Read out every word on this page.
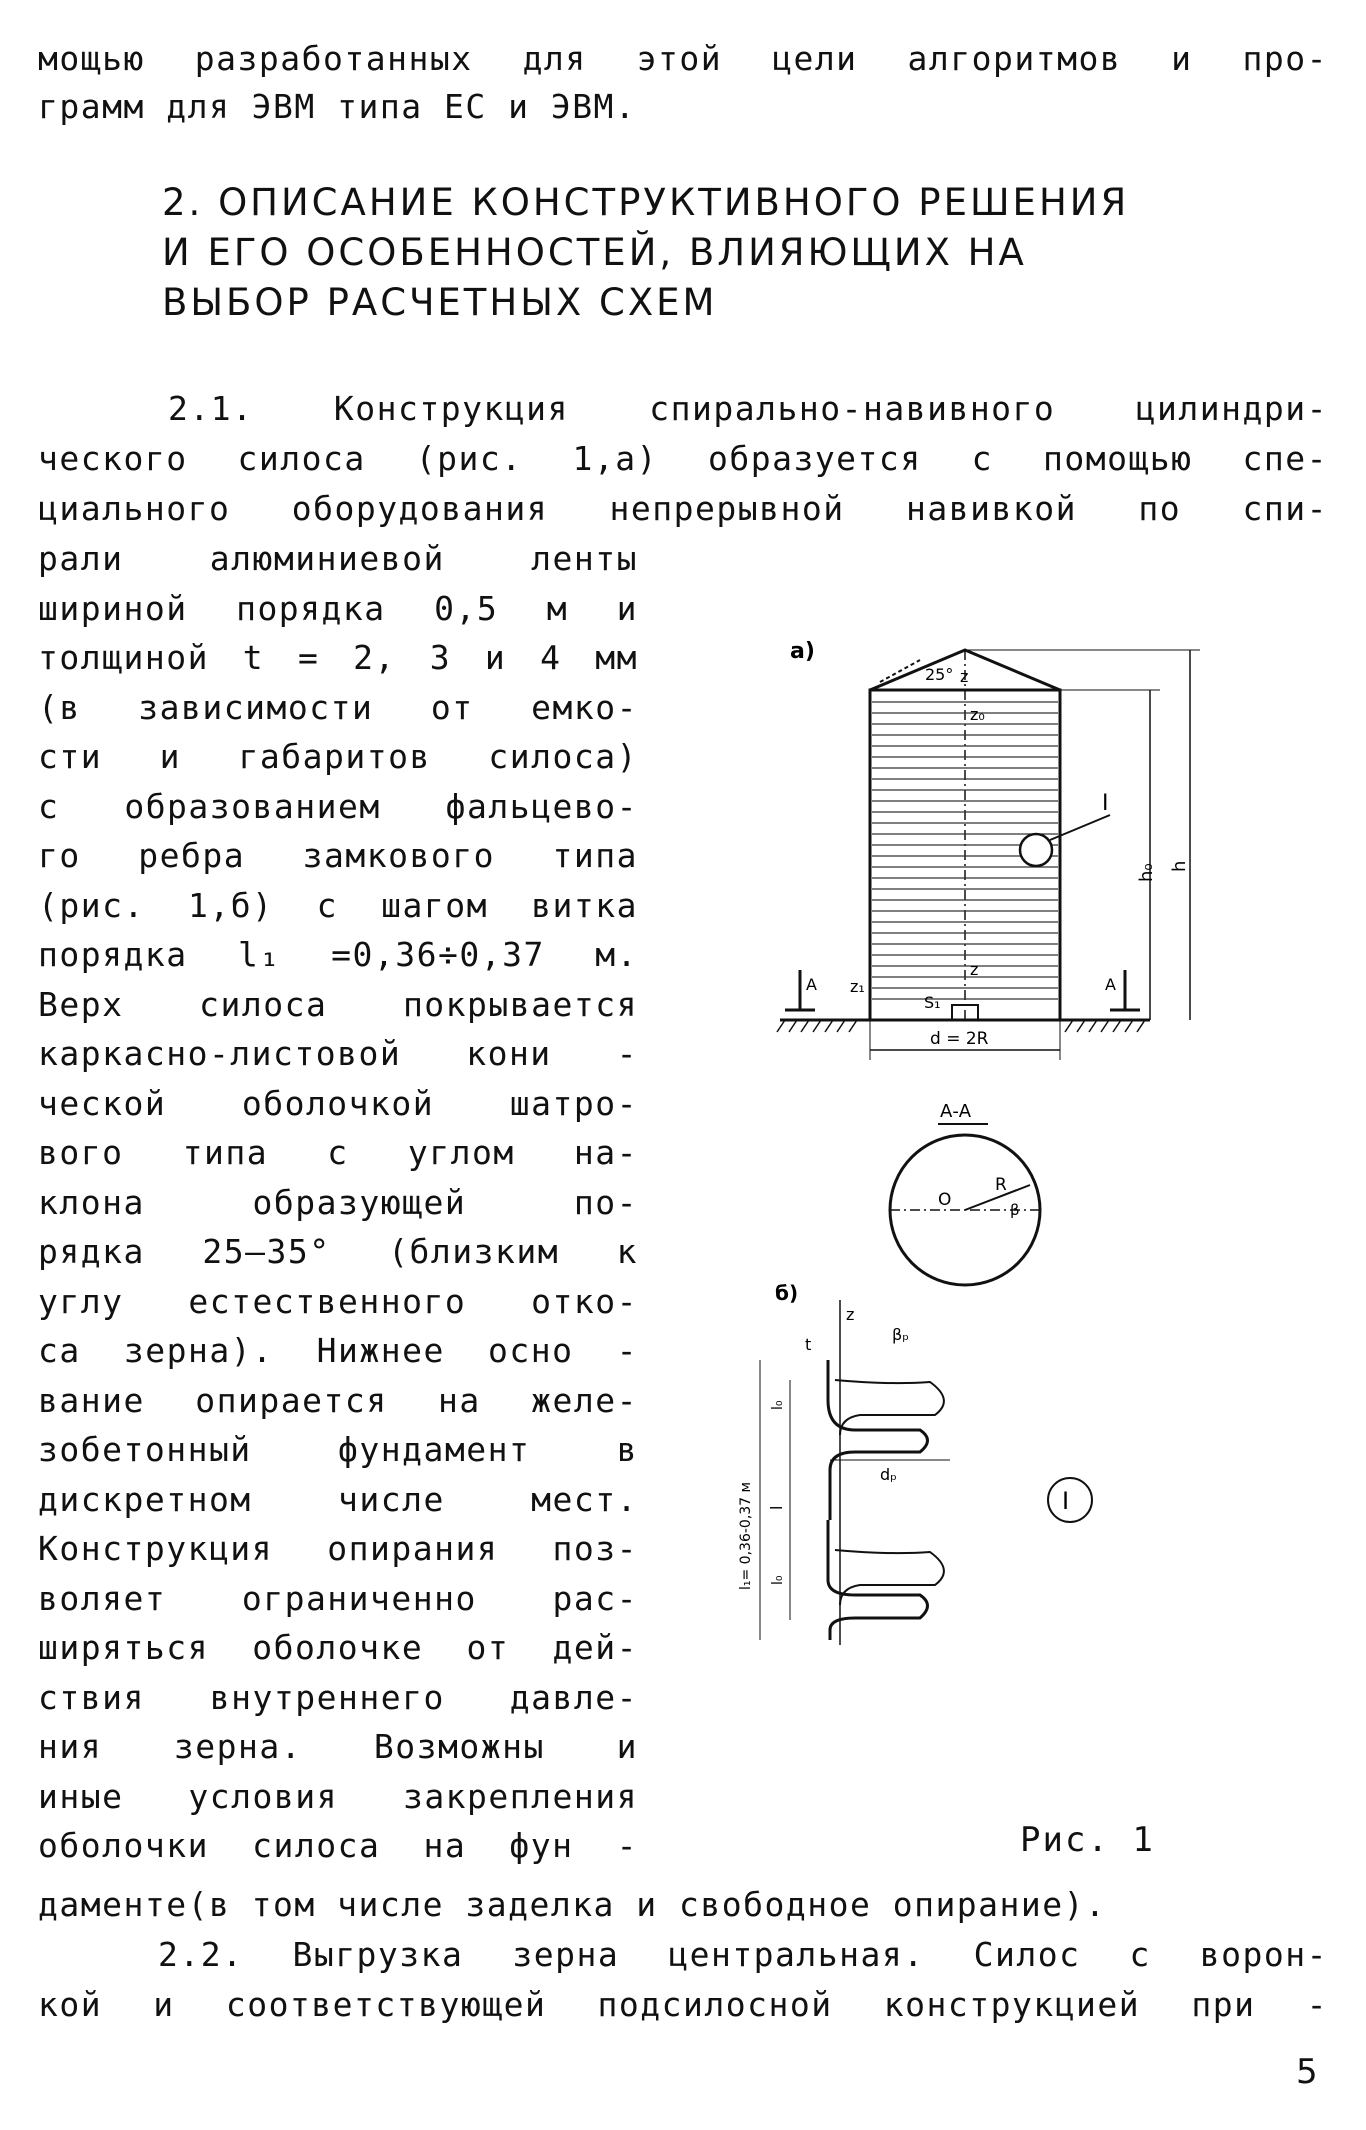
мощью разработанных для этой цели алгоритмов и про-
грамм для ЭВМ типа ЕС и ЭВМ.
2. ОПИСАНИЕ КОНСТРУКТИВНОГО РЕШЕНИЯ
И ЕГО ОСОБЕННОСТЕЙ, ВЛИЯЮЩИХ НА
ВЫБОР РАСЧЕТНЫХ СХЕМ
2.1. Конструкция спирально-навивного цилиндри-
ческого силоса (рис. 1,а) образуется с помощью спе-
циального оборудования непрерывной навивкой по спи-
рали алюминиевой ленты
шириной порядка 0,5 м и
толщиной t = 2, 3 и 4 мм
(в зависимости от емко-
сти и габаритов силоса)
с образованием фальцево-
го ребра замкового типа
(рис. 1,б) с шагом витка
порядка l₁ =0,36÷0,37 м.
Верх силоса покрывается
каркасно-листовой кони -
ческой оболочкой шатро-
вого типа с углом на-
клона образующей по-
рядка 25–35° (близким к
углу естественного отко-
са зерна). Нижнее осно -
вание опирается на желе-
зобетонный фундамент в
дискретном числе мест.
Конструкция опирания поз-
воляет ограниченно рас-
ширяться оболочке от дей-
ствия внутреннего давле-
ния зерна. Возможны и
иные условия закрепления
оболочки силоса на фун -
даменте(в том числе заделка и свободное опирание).
2.2. Выгрузка зерна центральная. Силос с ворон-
кой и соответствующей подсилосной конструкцией при -
а)
25° z
z₀
z
z₁
S₁
I
А	А
h₀ h
d = 2R
А-А
O
R
β
б)
z
t
βₚ
dₚ
l₁= 0,36-0,37 м l
l₀
l₀
I
Рис. 1
5
